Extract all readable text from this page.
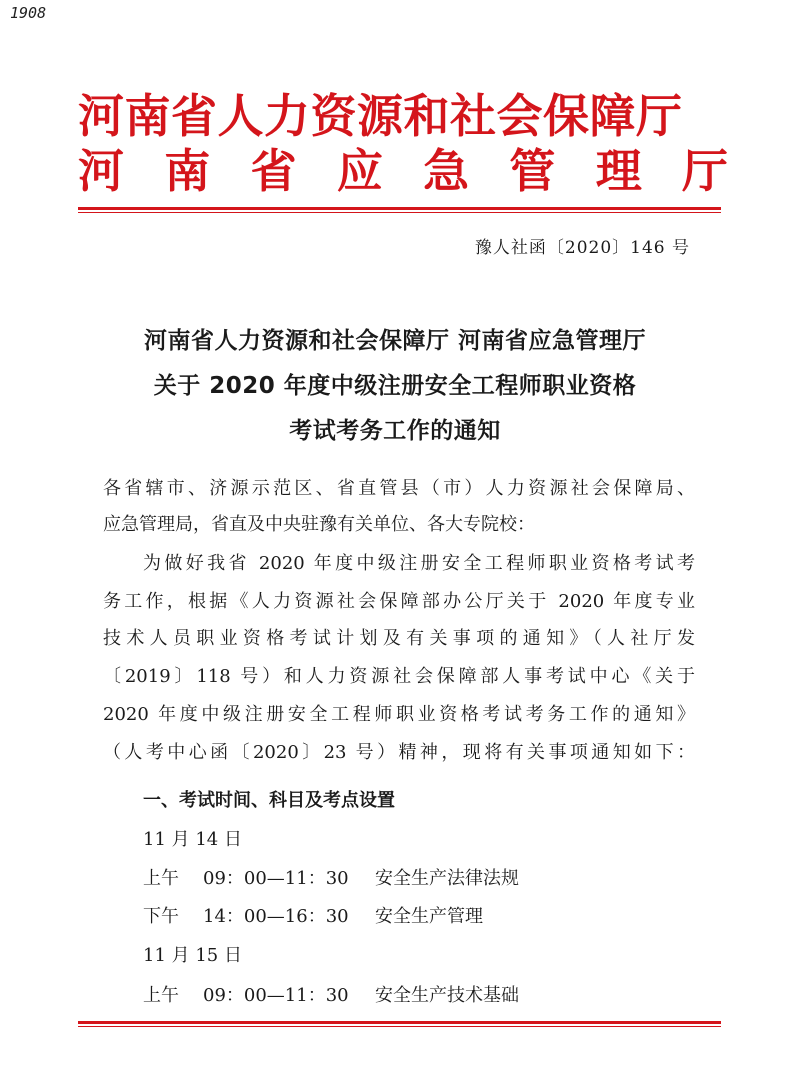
1908
河南省人力资源和社会保障厅
河 南 省 应 急 管 理 厅
豫人社函〔2020〕146 号
河南省人力资源和社会保障厅 河南省应急管理厅
关于 2020 年度中级注册安全工程师职业资格
考试考务工作的通知
各省辖市、济源示范区、省直管县（市）人力资源社会保障局、
应急管理局，省直及中央驻豫有关单位、各大专院校：
为做好我省 2020 年度中级注册安全工程师职业资格考试考
务工作，根据《人力资源社会保障部办公厅关于 2020 年度专业
技术人员职业资格考试计划及有关事项的通知》（人社厅发
〔2019〕118 号）和人力资源社会保障部人事考试中心《关于
2020 年度中级注册安全工程师职业资格考试考务工作的通知》
（人考中心函〔2020〕23 号）精神，现将有关事项通知如下：
一、考试时间、科目及考点设置
11 月 14 日
上午 09：00—11：30 安全生产法律法规
下午 14：00—16：30 安全生产管理
11 月 15 日
上午 09：00—11：30 安全生产技术基础
